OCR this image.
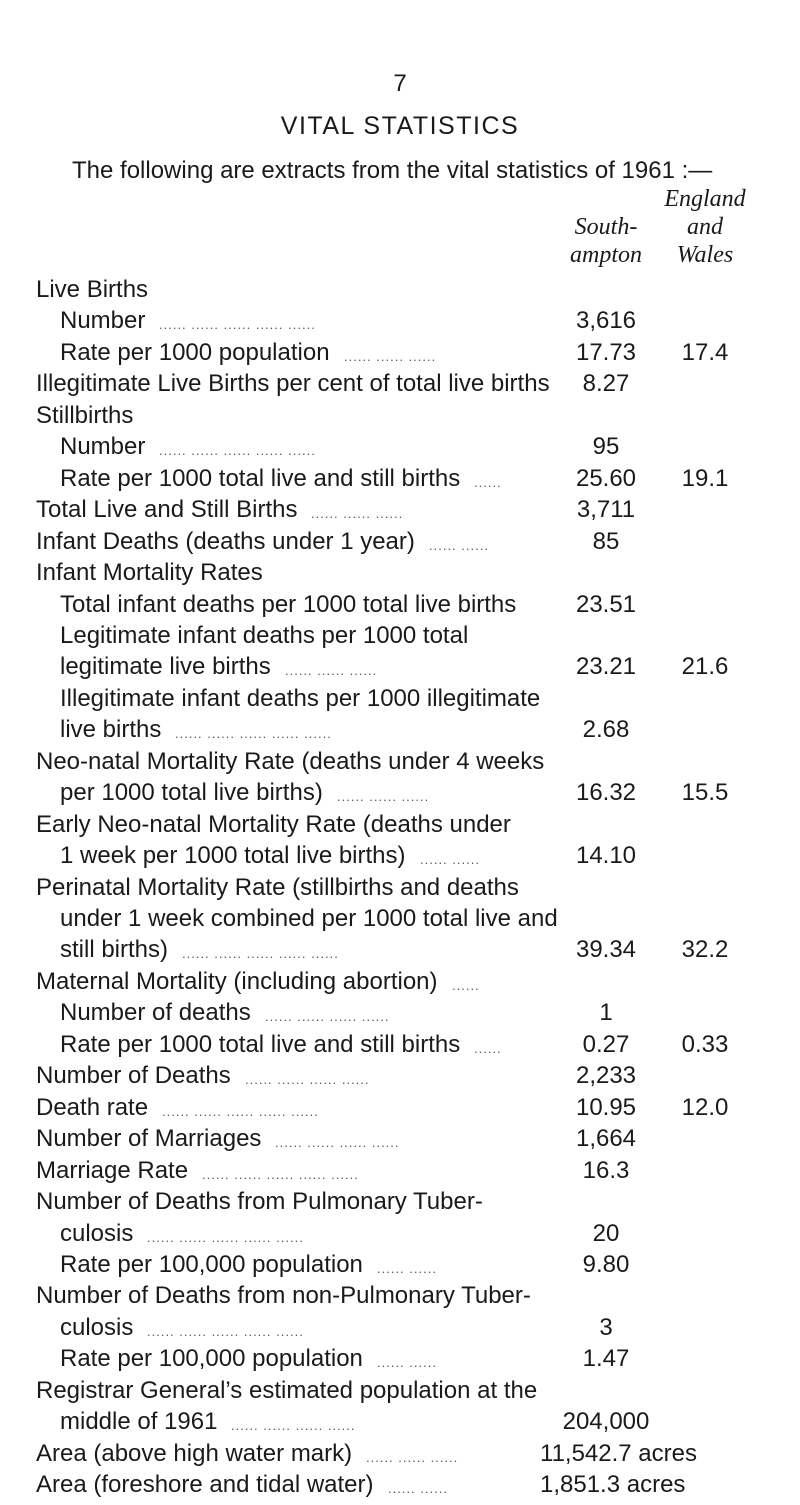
7
VITAL STATISTICS
The following are extracts from the vital statistics of 1961 :—
South-
ampton
England
and
Wales
Live Births
Number ...... ...... ...... ...... ......	3,616
Rate per 1000 population ...... ...... ......	17.73	17.4
Illegitimate Live Births per cent of total live births	8.27
Stillbirths
Number ...... ...... ...... ...... ......	95
Rate per 1000 total live and still births ......	25.60	19.1
Total Live and Still Births ...... ...... ......	3,711
Infant Deaths (deaths under 1 year) ...... ......	85
Infant Mortality Rates
Total infant deaths per 1000 total live births	23.51
Legitimate infant deaths per 1000 total
legitimate live births ...... ...... ......	23.21	21.6
Illegitimate infant deaths per 1000 illegitimate
live births ...... ...... ...... ...... ......	2.68
Neo-natal Mortality Rate (deaths under 4 weeks
per 1000 total live births) ...... ...... ......	16.32	15.5
Early Neo-natal Mortality Rate (deaths under
1 week per 1000 total live births) ...... ......	14.10
Perinatal Mortality Rate (stillbirths and deaths
under 1 week combined per 1000 total live and
still births) ...... ...... ...... ...... ......	39.34	32.2
Maternal Mortality (including abortion) ......
Number of deaths ...... ...... ...... ......	1
Rate per 1000 total live and still births ......	0.27	0.33
Number of Deaths ...... ...... ...... ......	2,233
Death rate ...... ...... ...... ...... ......	10.95	12.0
Number of Marriages ...... ...... ...... ......	1,664
Marriage Rate ...... ...... ...... ...... ......	16.3
Number of Deaths from Pulmonary Tuber-
culosis ...... ...... ...... ...... ......	20
Rate per 100,000 population ...... ......	9.80
Number of Deaths from non-Pulmonary Tuber-
culosis ...... ...... ...... ...... ......	3
Rate per 100,000 population ...... ......	1.47
Registrar General’s estimated population at the
middle of 1961 ...... ...... ...... ......	204,000
Area (above high water mark) ...... ...... ......	11,542.7 acres
Area (foreshore and tidal water) ...... ......	1,851.3 acres
